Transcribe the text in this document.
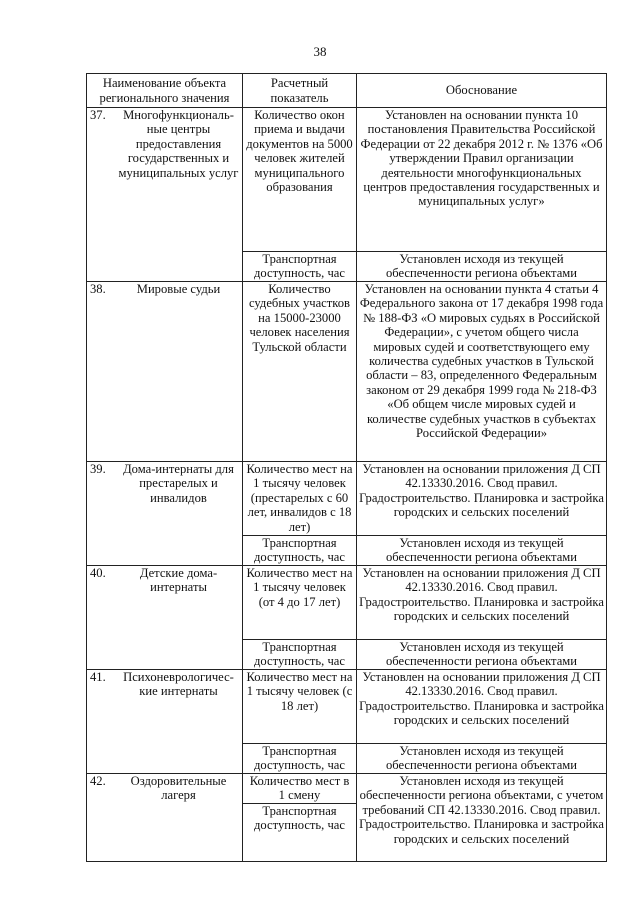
38
Наименование объекта регионального значения	Расчетный показатель	Обоснование

37. Многофункциональ-ные центры предоставления государственных и муниципальных услуг	Количество окон приема и выдачи документов на 5000 человек жителей муниципального образования	Установлен на основании пункта 10 постановления Правительства Российской Федерации от 22 декабря 2012 г. № 1376 «Об утверждении Правил организации деятельности многофункциональных центров предоставления государственных и муниципальных услуг»
	Транспортная доступность, час	Установлен исходя из текущей обеспеченности региона объектами

38. Мировые судьи	Количество судебных участков на 15000-23000 человек населения Тульской области	Установлен на основании пункта 4 статьи 4 Федерального закона от 17 декабря 1998 года № 188-ФЗ «О мировых судьях в Российской Федерации», с учетом общего числа мировых судей и соответствующего ему количества судебных участков в Тульской области – 83, определенного Федеральным законом от 29 декабря 1999 года № 218-ФЗ «Об общем числе мировых судей и количестве судебных участков в субъектах Российской Федерации»

39. Дома-интернаты для престарелых и инвалидов	Количество мест на 1 тысячу человек (престарелых с 60 лет, инвалидов с 18 лет)	Установлен на основании приложения Д СП 42.13330.2016. Свод правил. Градостроительство. Планировка и застройка городских и сельских поселений
	Транспортная доступность, час	Установлен исходя из текущей обеспеченности региона объектами

40. Детские дома-интернаты	Количество мест на 1 тысячу человек (от 4 до 17 лет)	Установлен на основании приложения Д СП 42.13330.2016. Свод правил. Градостроительство. Планировка и застройка городских и сельских поселений
	Транспортная доступность, час	Установлен исходя из текущей обеспеченности региона объектами

41. Психоневрологичес-кие интернаты	Количество мест на 1 тысячу человек (с 18 лет)	Установлен на основании приложения Д СП 42.13330.2016. Свод правил. Градостроительство. Планировка и застройка городских и сельских поселений
	Транспортная доступность, час	Установлен исходя из текущей обеспеченности региона объектами

42. Оздоровительные лагеря	Количество мест в 1 смену	Установлен исходя из текущей обеспеченности региона объектами, с учетом требований СП 42.13330.2016. Свод правил. Градостроительство. Планировка и застройка городских и сельских поселений
	Транспортная доступность, час	
